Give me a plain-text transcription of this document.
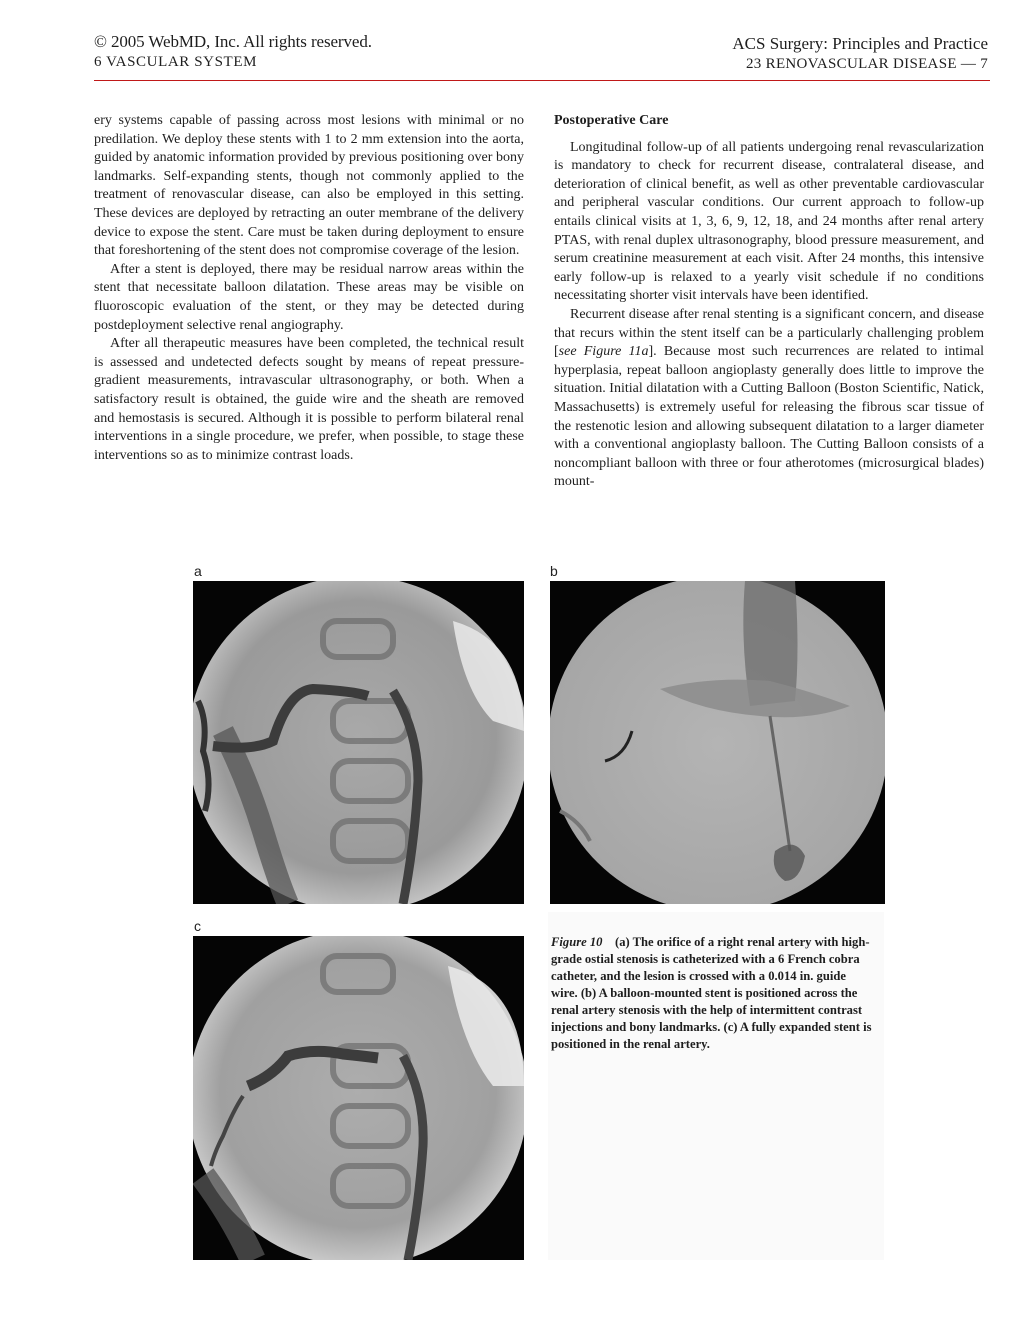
© 2005 WebMD, Inc. All rights reserved.
6 VASCULAR SYSTEM
ACS Surgery: Principles and Practice
23 RENOVASCULAR DISEASE — 7

ery systems capable of passing across most lesions with minimal or no predilation. We deploy these stents with 1 to 2 mm extension into the aorta, guided by anatomic information provided by previous positioning over bony landmarks. Self-expanding stents, though not commonly applied to the treatment of renovascular disease, can also be employed in this setting. These devices are deployed by retracting an outer membrane of the delivery device to expose the stent. Care must be taken during deployment to ensure that foreshortening of the stent does not compromise coverage of the lesion.

After a stent is deployed, there may be residual narrow areas within the stent that necessitate balloon dilatation. These areas may be visible on fluoroscopic evaluation of the stent, or they may be detected during postdeployment selective renal angiography.

After all therapeutic measures have been completed, the technical result is assessed and undetected defects sought by means of repeat pressure-gradient measurements, intravascular ultrasonography, or both. When a satisfactory result is obtained, the guide wire and the sheath are removed and hemostasis is secured. Although it is possible to perform bilateral renal interventions in a single procedure, we prefer, when possible, to stage these interventions so as to minimize contrast loads.

Postoperative Care

Longitudinal follow-up of all patients undergoing renal revascularization is mandatory to check for recurrent disease, contralateral disease, and deterioration of clinical benefit, as well as other preventable cardiovascular and peripheral vascular conditions. Our current approach to follow-up entails clinical visits at 1, 3, 6, 9, 12, 18, and 24 months after renal artery PTAS, with renal duplex ultrasonography, blood pressure measurement, and serum creatinine measurement at each visit. After 24 months, this intensive early follow-up is relaxed to a yearly visit schedule if no conditions necessitating shorter visit intervals have been identified.

Recurrent disease after renal stenting is a significant concern, and disease that recurs within the stent itself can be a particularly challenging problem [see Figure 11a]. Because most such recurrences are related to intimal hyperplasia, repeat balloon angioplasty generally does little to improve the situation. Initial dilatation with a Cutting Balloon (Boston Scientific, Natick, Massachusetts) is extremely useful for releasing the fibrous scar tissue of the restenotic lesion and allowing subsequent dilatation to a larger diameter with a conventional angioplasty balloon. The Cutting Balloon consists of a noncompliant balloon with three or four atherotomes (microsurgical blades) mount-

a	b
c
Figure 10 (a) The orifice of a right renal artery with high-grade ostial stenosis is catheterized with a 6 French cobra catheter, and the lesion is crossed with a 0.014 in. guide wire. (b) A balloon-mounted stent is positioned across the renal artery stenosis with the help of intermittent contrast injections and bony landmarks. (c) A fully expanded stent is positioned in the renal artery.
